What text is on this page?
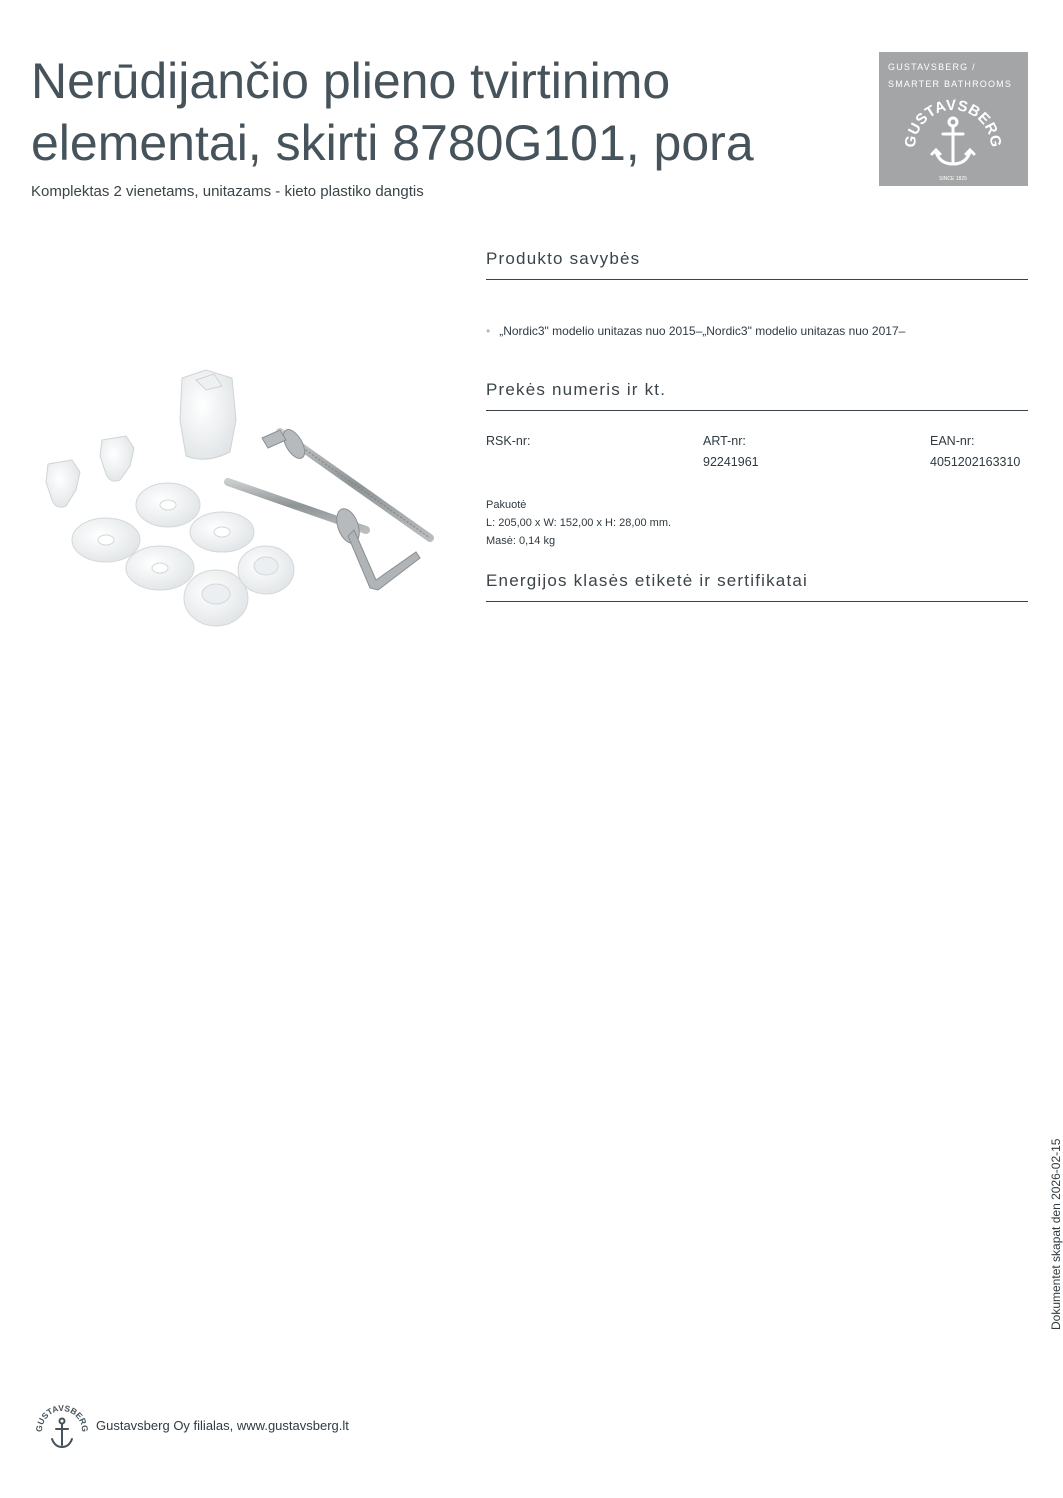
Nerūdijančio plieno tvirtinimo
elementai, skirti 8780G101, pora
Komplektas 2 vienetams, unitazams - kieto plastiko dangtis
GUSTAVSBERG /
SMARTER BATHROOMS
GUSTAVSBERG
SINCE 1825
Produkto savybės
• „Nordic3" modelio unitazas nuo 2015–„Nordic3" modelio unitazas nuo 2017–
Prekės numeris ir kt.
RSK-nr:	ART-nr:
92241961
EAN-nr:
4051202163310
Pakuotė
L: 205,00 x W: 152,00 x H: 28,00 mm.
Masė: 0,14 kg
Energijos klasės etiketė ir sertifikatai
Dokumentet skapat den 2026-02-15
GUSTAVSBERG Gustavsberg Oy filialas, www.gustavsberg.lt
